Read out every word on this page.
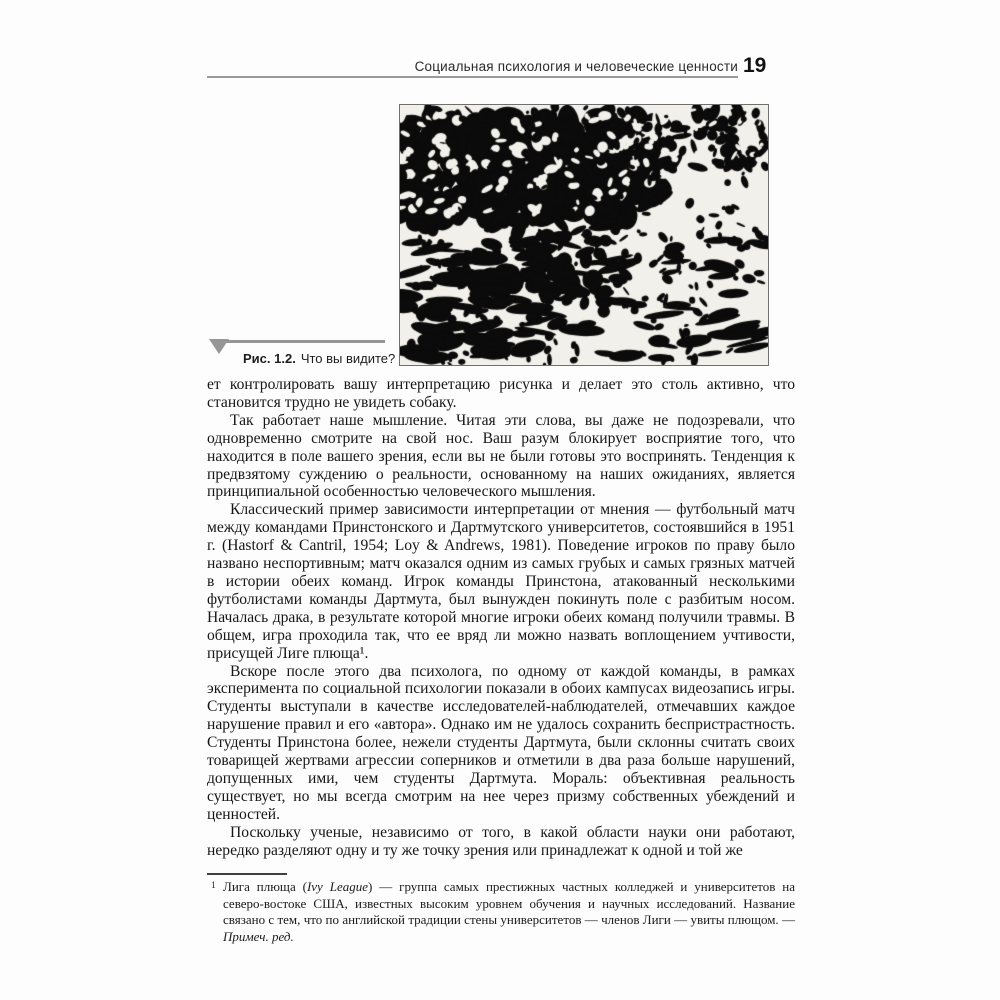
Социальная психология и человеческие ценности 19
Рис. 1.2. Что вы видите?

ет контролировать вашу интерпретацию рисунка и делает это столь активно, что становится трудно не увидеть собаку.

Так работает наше мышление. Читая эти слова, вы даже не подозревали, что одновременно смотрите на свой нос. Ваш разум блокирует восприятие того, что находится в поле вашего зрения, если вы не были готовы это воспринять. Тенденция к предвзятому суждению о реальности, основанному на наших ожиданиях, является принципиальной особенностью человеческого мышления.

Классический пример зависимости интерпретации от мнения — футбольный матч между командами Принстонского и Дартмутского университетов, состоявшийся в 1951 г. (Hastorf & Cantril, 1954; Loy & Andrews, 1981). Поведение игроков по праву было названо неспортивным; матч оказался одним из самых грубых и самых грязных матчей в истории обеих команд. Игрок команды Принстона, атакованный несколькими футболистами команды Дартмута, был вынужден покинуть поле с разбитым носом. Началась драка, в результате которой многие игроки обеих команд получили травмы. В общем, игра проходила так, что ее вряд ли можно назвать воплощением учтивости, присущей Лиге плюща¹.

Вскоре после этого два психолога, по одному от каждой команды, в рамках эксперимента по социальной психологии показали в обоих кампусах видеозапись игры. Студенты выступали в качестве исследователей-наблюдателей, отмечавших каждое нарушение правил и его «автора». Однако им не удалось сохранить беспристрастность. Студенты Принстона более, нежели студенты Дартмута, были склонны считать своих товарищей жертвами агрессии соперников и отметили в два раза больше нарушений, допущенных ими, чем студенты Дартмута. Мораль: объективная реальность существует, но мы всегда смотрим на нее через призму собственных убеждений и ценностей.

Поскольку ученые, независимо от того, в какой области науки они работают, нередко разделяют одну и ту же точку зрения или принадлежат к одной и той же

1 Лига плюща (Ivy League) — группа самых престижных частных колледжей и университетов на северо-востоке США, известных высоким уровнем обучения и научных исследований. Название связано с тем, что по английской традиции стены университетов — членов Лиги — увиты плющом. — Примеч. ред.
